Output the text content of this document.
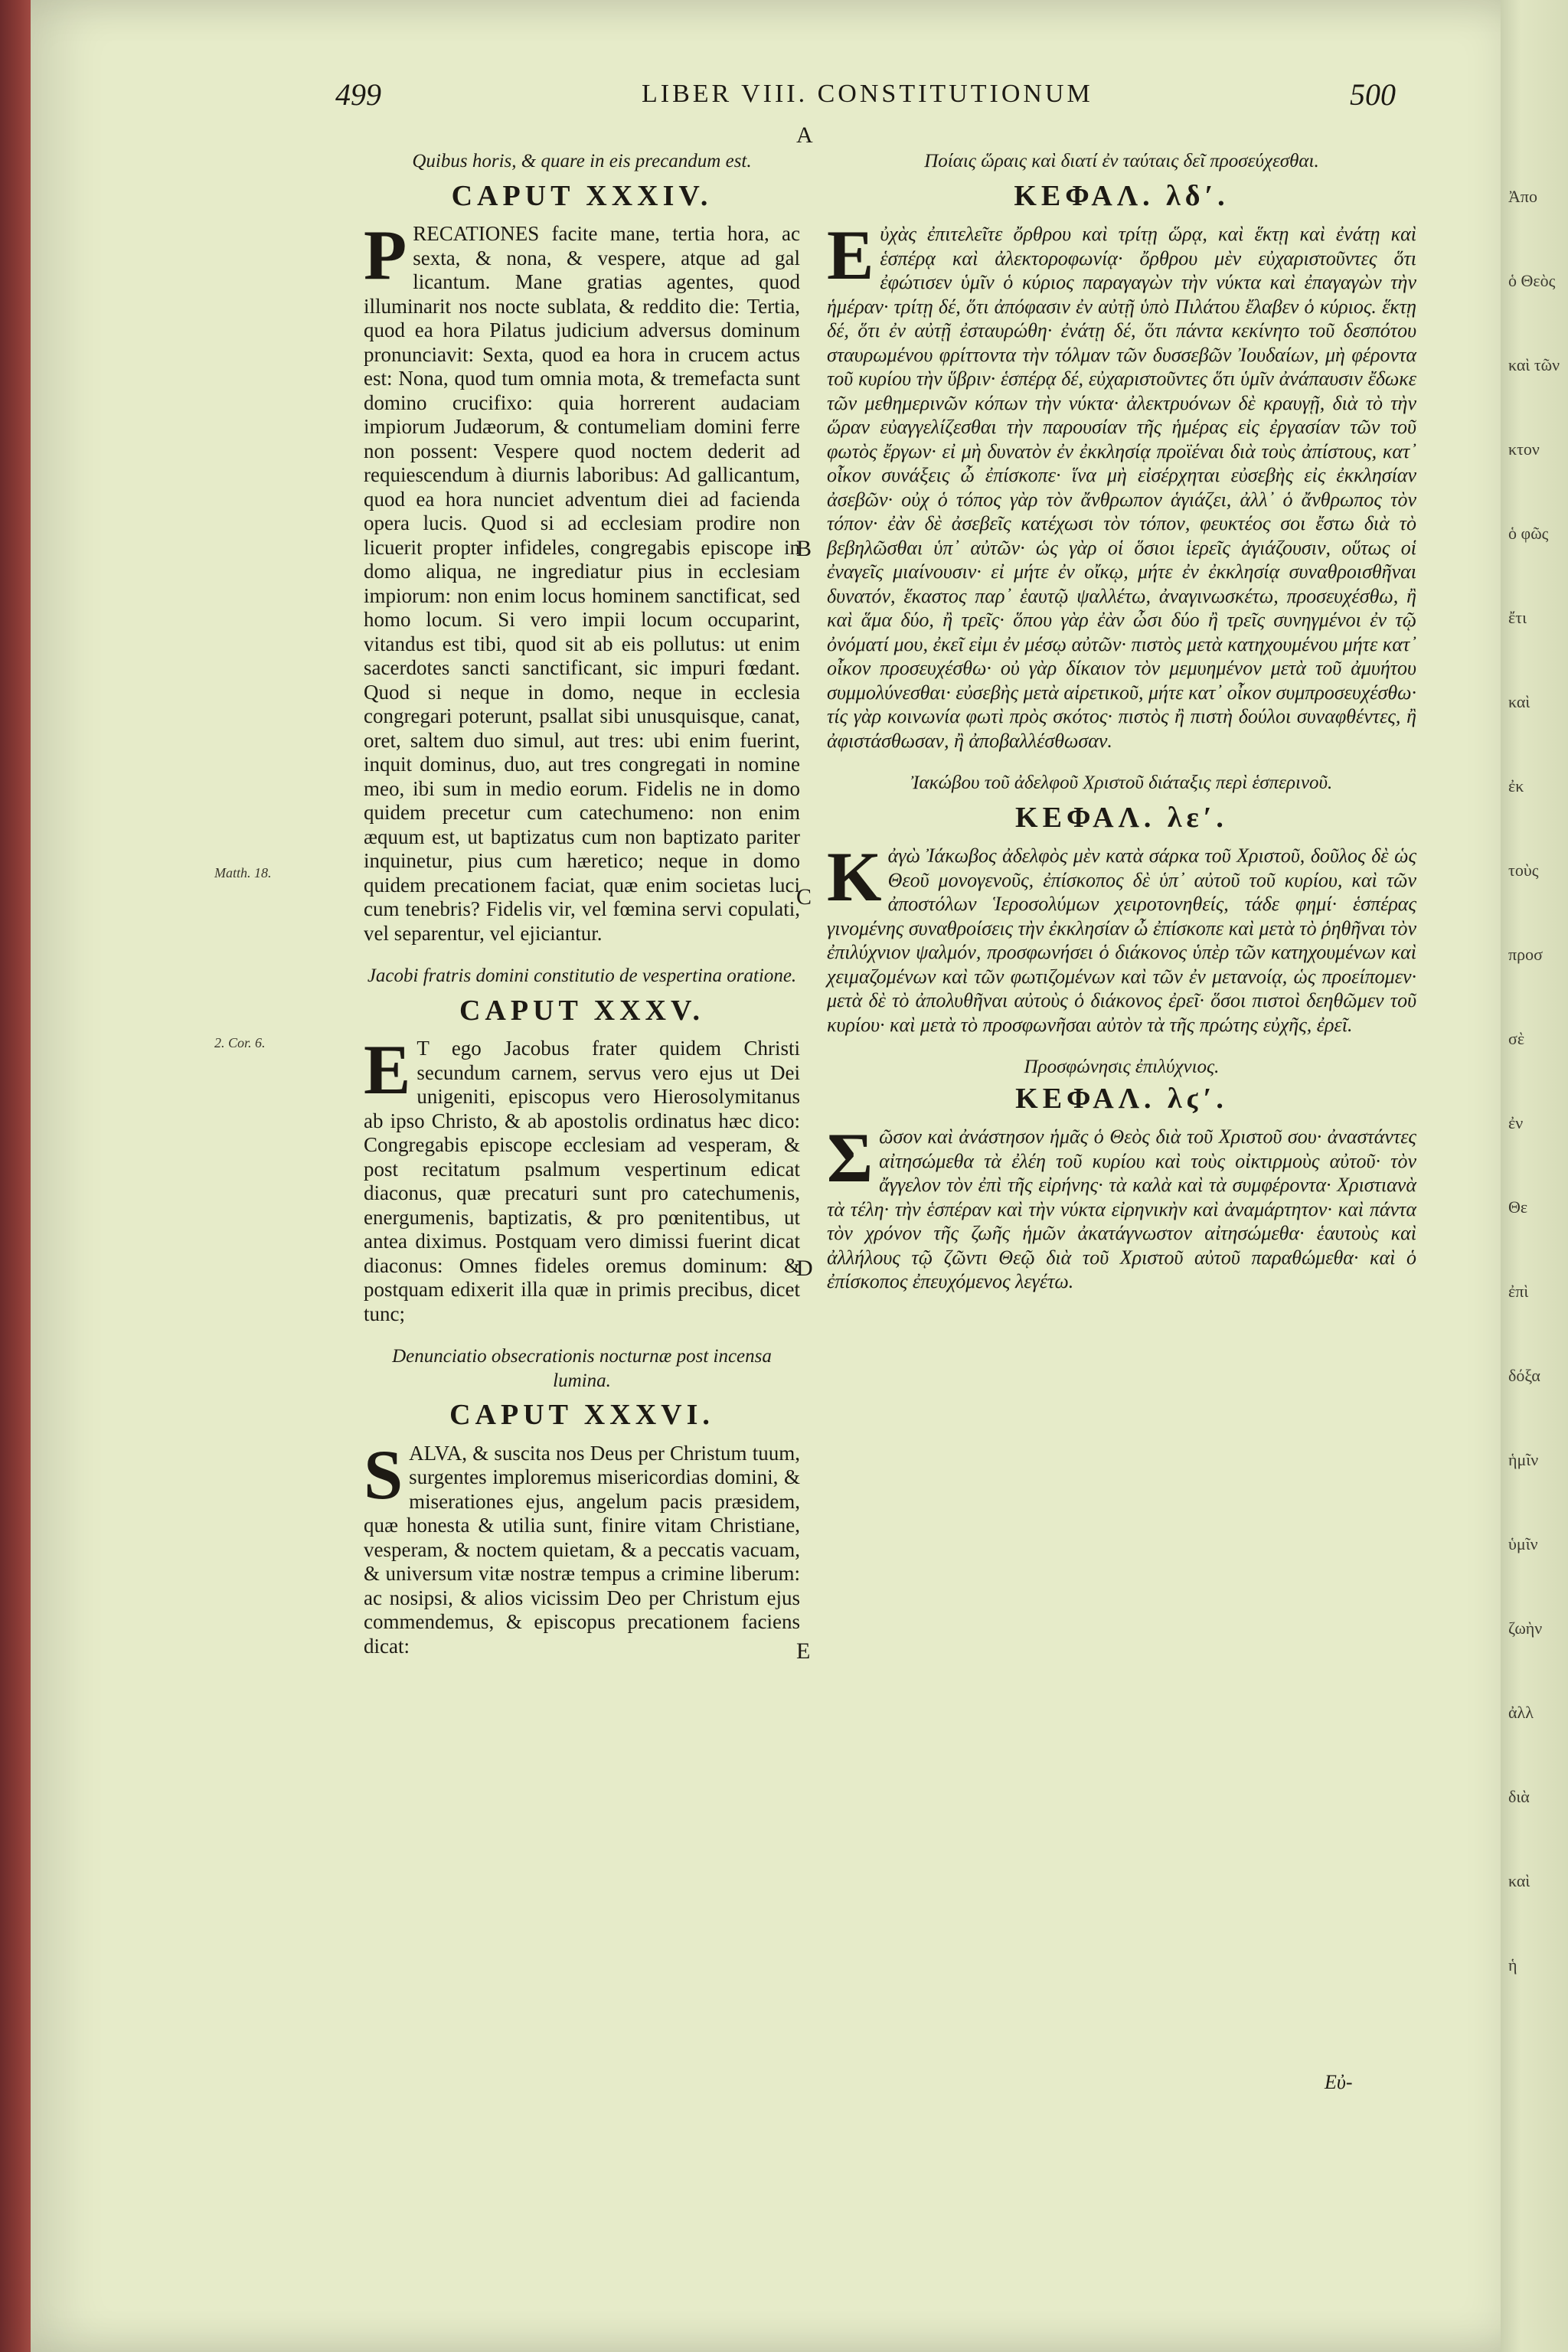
499	LIBER VIII. CONSTITUTIONUM	500
A
B
C
D
E
Matth. 18.
2. Cor. 6.
Quibus horis, & quare in eis precandum est.
CAPUT XXXIV.
P RECATIONES facite mane, tertia hora, ac sexta, & nona, & vespere, atque ad gal licantum. Mane gratias agentes, quod illuminarit nos nocte sublata, & reddito die: Tertia, quod ea hora Pilatus judicium adversus dominum pronunciavit: Sexta, quod ea hora in crucem actus est: Nona, quod tum omnia mota, & tremefacta sunt domino crucifixo: quia horrerent audaciam impiorum Judæorum, & contumeliam domini ferre non possent: Vespere quod noctem dederit ad requiescendum à diurnis laboribus: Ad gallicantum, quod ea hora nunciet adventum diei ad facienda opera lucis. Quod si ad ecclesiam prodire non licuerit propter infideles, congregabis episcope in domo aliqua, ne ingrediatur pius in ecclesiam impiorum: non enim locus hominem sanctificat, sed homo locum. Si vero impii locum occuparint, vitandus est tibi, quod sit ab eis pollutus: ut enim sacerdotes sancti sanctificant, sic impuri fœdant. Quod si neque in domo, neque in ecclesia congregari poterunt, psallat sibi unusquisque, canat, oret, saltem duo simul, aut tres: ubi enim fuerint, inquit dominus, duo, aut tres congregati in nomine meo, ibi sum in medio eorum. Fidelis ne in domo quidem precetur cum catechumeno: non enim æquum est, ut baptizatus cum non baptizato pariter inquinetur, pius cum hæretico; neque in domo quidem precationem faciat, quæ enim societas luci cum tenebris? Fidelis vir, vel fœmina servi copulati, vel separentur, vel ejiciantur.
Jacobi fratris domini constitutio de vespertina oratione.
CAPUT XXXV.
E T ego Jacobus frater quidem Christi secundum carnem, servus vero ejus ut Dei unigeniti, episcopus vero Hierosolymitanus ab ipso Christo, & ab apostolis ordinatus hæc dico: Congregabis episcope ecclesiam ad vesperam, & post recitatum psalmum vespertinum edicat diaconus, quæ precaturi sunt pro catechumenis, energumenis, baptizatis, & pro pœnitentibus, ut antea diximus. Postquam vero dimissi fuerint dicat diaconus: Omnes fideles oremus dominum: & postquam edixerit illa quæ in primis precibus, dicet tunc;
Denunciatio obsecrationis nocturnæ post incensa lumina.
CAPUT XXXVI.
S ALVA, & suscita nos Deus per Christum tuum, surgentes imploremus misericordias domini, & miserationes ejus, angelum pacis præsidem, quæ honesta & utilia sunt, finire vitam Christiane, vesperam, & noctem quietam, & a peccatis vacuam, & universum vitæ nostræ tempus a crimine liberum: ac nosipsi, & alios vicissim Deo per Christum ejus commendemus, & episcopus precationem faciens dicat:
Ποίαις ὥραις καὶ διατί ἐν ταύταις δεῖ προσεύχεσθαι.
ΚΕΦΑΛ. λδʹ.
Ε ὐχὰς ἐπιτελεῖτε ὄρθρου καὶ τρίτῃ ὥρᾳ, καὶ ἕκτῃ καὶ ἐνάτῃ καὶ ἑσπέρᾳ καὶ ἀλεκτοροφωνίᾳ· ὄρθρου μὲν εὐχαριστοῦντες ὅτι ἐφώτισεν ὑμῖν ὁ κύριος παραγαγὼν τὴν νύκτα καὶ ἐπαγαγὼν τὴν ἡμέραν· τρίτῃ δέ, ὅτι ἀπόφασιν ἐν αὐτῇ ὑπὸ Πιλάτου ἔλαβεν ὁ κύριος. ἕκτῃ δέ, ὅτι ἐν αὐτῇ ἐσταυρώθη· ἐνάτῃ δέ, ὅτι πάντα κεκίνητο τοῦ δεσπότου σταυρωμένου φρίττοντα τὴν τόλμαν τῶν δυσσεβῶν Ἰουδαίων, μὴ φέροντα τοῦ κυρίου τὴν ὕβριν· ἑσπέρᾳ δέ, εὐχαριστοῦντες ὅτι ὑμῖν ἀνάπαυσιν ἔδωκε τῶν μεθημερινῶν κόπων τὴν νύκτα· ἀλεκτρυόνων δὲ κραυγῇ, διὰ τὸ τὴν ὥραν εὐαγγελίζεσθαι τὴν παρουσίαν τῆς ἡμέρας εἰς ἐργασίαν τῶν τοῦ φωτὸς ἔργων· εἰ μὴ δυνατὸν ἐν ἐκκλησίᾳ προϊέναι διὰ τοὺς ἀπίστους, κατ᾽ οἶκον συνάξεις ὦ ἐπίσκοπε· ἵνα μὴ εἰσέρχηται εὐσεβὴς εἰς ἐκκλησίαν ἀσεβῶν· οὐχ ὁ τόπος γὰρ τὸν ἄνθρωπον ἁγιάζει, ἀλλ᾽ ὁ ἄνθρωπος τὸν τόπον· ἐὰν δὲ ἀσεβεῖς κατέχωσι τὸν τόπον, φευκτέος σοι ἔστω διὰ τὸ βεβηλῶσθαι ὑπ᾽ αὐτῶν· ὡς γὰρ οἱ ὅσιοι ἱερεῖς ἁγιάζουσιν, οὕτως οἱ ἐναγεῖς μιαίνουσιν· εἰ μήτε ἐν οἴκῳ, μήτε ἐν ἐκκλησίᾳ συναθροισθῆναι δυνατόν, ἕκαστος παρ᾽ ἑαυτῷ ψαλλέτω, ἀναγινωσκέτω, προσευχέσθω, ἢ καὶ ἅμα δύο, ἢ τρεῖς· ὅπου γὰρ ἐὰν ὦσι δύο ἢ τρεῖς συνηγμένοι ἐν τῷ ὀνόματί μου, ἐκεῖ εἰμι ἐν μέσῳ αὐτῶν· πιστὸς μετὰ κατηχουμένου μήτε κατ᾽ οἶκον προσευχέσθω· οὐ γὰρ δίκαιον τὸν μεμυημένον μετὰ τοῦ ἀμυήτου συμμολύνεσθαι· εὐσεβὴς μετὰ αἱρετικοῦ, μήτε κατ᾽ οἶκον συμπροσευχέσθω· τίς γὰρ κοινωνία φωτὶ πρὸς σκότος· πιστὸς ἢ πιστὴ δούλοι συναφθέντες, ἢ ἀφιστάσθωσαν, ἢ ἀποβαλλέσθωσαν.
Ἰακώβου τοῦ ἀδελφοῦ Χριστοῦ διάταξις περὶ ἑσπερινοῦ.
ΚΕΦΑΛ. λεʹ.
Κ ἀγὼ Ἰάκωβος ἀδελφὸς μὲν κατὰ σάρκα τοῦ Χριστοῦ, δοῦλος δὲ ὡς Θεοῦ μονογενοῦς, ἐπίσκοπος δὲ ὑπ᾽ αὐτοῦ τοῦ κυρίου, καὶ τῶν ἀποστόλων Ἱεροσολύμων χειροτονηθείς, τάδε φημί· ἑσπέρας γινομένης συναθροίσεις τὴν ἐκκλησίαν ὦ ἐπίσκοπε καὶ μετὰ τὸ ῥηθῆναι τὸν ἐπιλύχνιον ψαλμόν, προσφωνήσει ὁ διάκονος ὑπὲρ τῶν κατηχουμένων καὶ χειμαζομένων καὶ τῶν φωτιζομένων καὶ τῶν ἐν μετανοίᾳ, ὡς προείπομεν· μετὰ δὲ τὸ ἀπολυθῆναι αὐτοὺς ὁ διάκονος ἐρεῖ· ὅσοι πιστοὶ δεηθῶμεν τοῦ κυρίου· καὶ μετὰ τὸ προσφωνῆσαι αὐτὸν τὰ τῆς πρώτης εὐχῆς, ἐρεῖ.
Προσφώνησις ἐπιλύχνιος.
ΚΕΦΑΛ. λϛʹ.
Σ ῶσον καὶ ἀνάστησον ἡμᾶς ὁ Θεὸς διὰ τοῦ Χριστοῦ σου· ἀναστάντες αἰτησώμεθα τὰ ἐλέη τοῦ κυρίου καὶ τοὺς οἰκτιρμοὺς αὐτοῦ· τὸν ἄγγελον τὸν ἐπὶ τῆς εἰρήνης· τὰ καλὰ καὶ τὰ συμφέροντα· Χριστιανὰ τὰ τέλη· τὴν ἑσπέραν καὶ τὴν νύκτα εἰρηνικὴν καὶ ἀναμάρτητον· καὶ πάντα τὸν χρόνον τῆς ζωῆς ἡμῶν ἀκατάγνωστον αἰτησώμεθα· ἑαυτοὺς καὶ ἀλλήλους τῷ ζῶντι Θεῷ διὰ τοῦ Χριστοῦ αὐτοῦ παραθώμεθα· καὶ ὁ ἐπίσκοπος ἐπευχόμενος λεγέτω.
Εὐ-
Ἀπο
ὁ Θεὸς
καὶ τῶν
κτον
ὁ φῶς
ἔτι
καὶ
ἐκ
τοὺς
προσ
σὲ
ἐν
Θε
ἐπὶ
δόξα
ἡμῖν
ὑμῖν
ζωὴν
ἀλλ
διὰ
καὶ
ἡ
